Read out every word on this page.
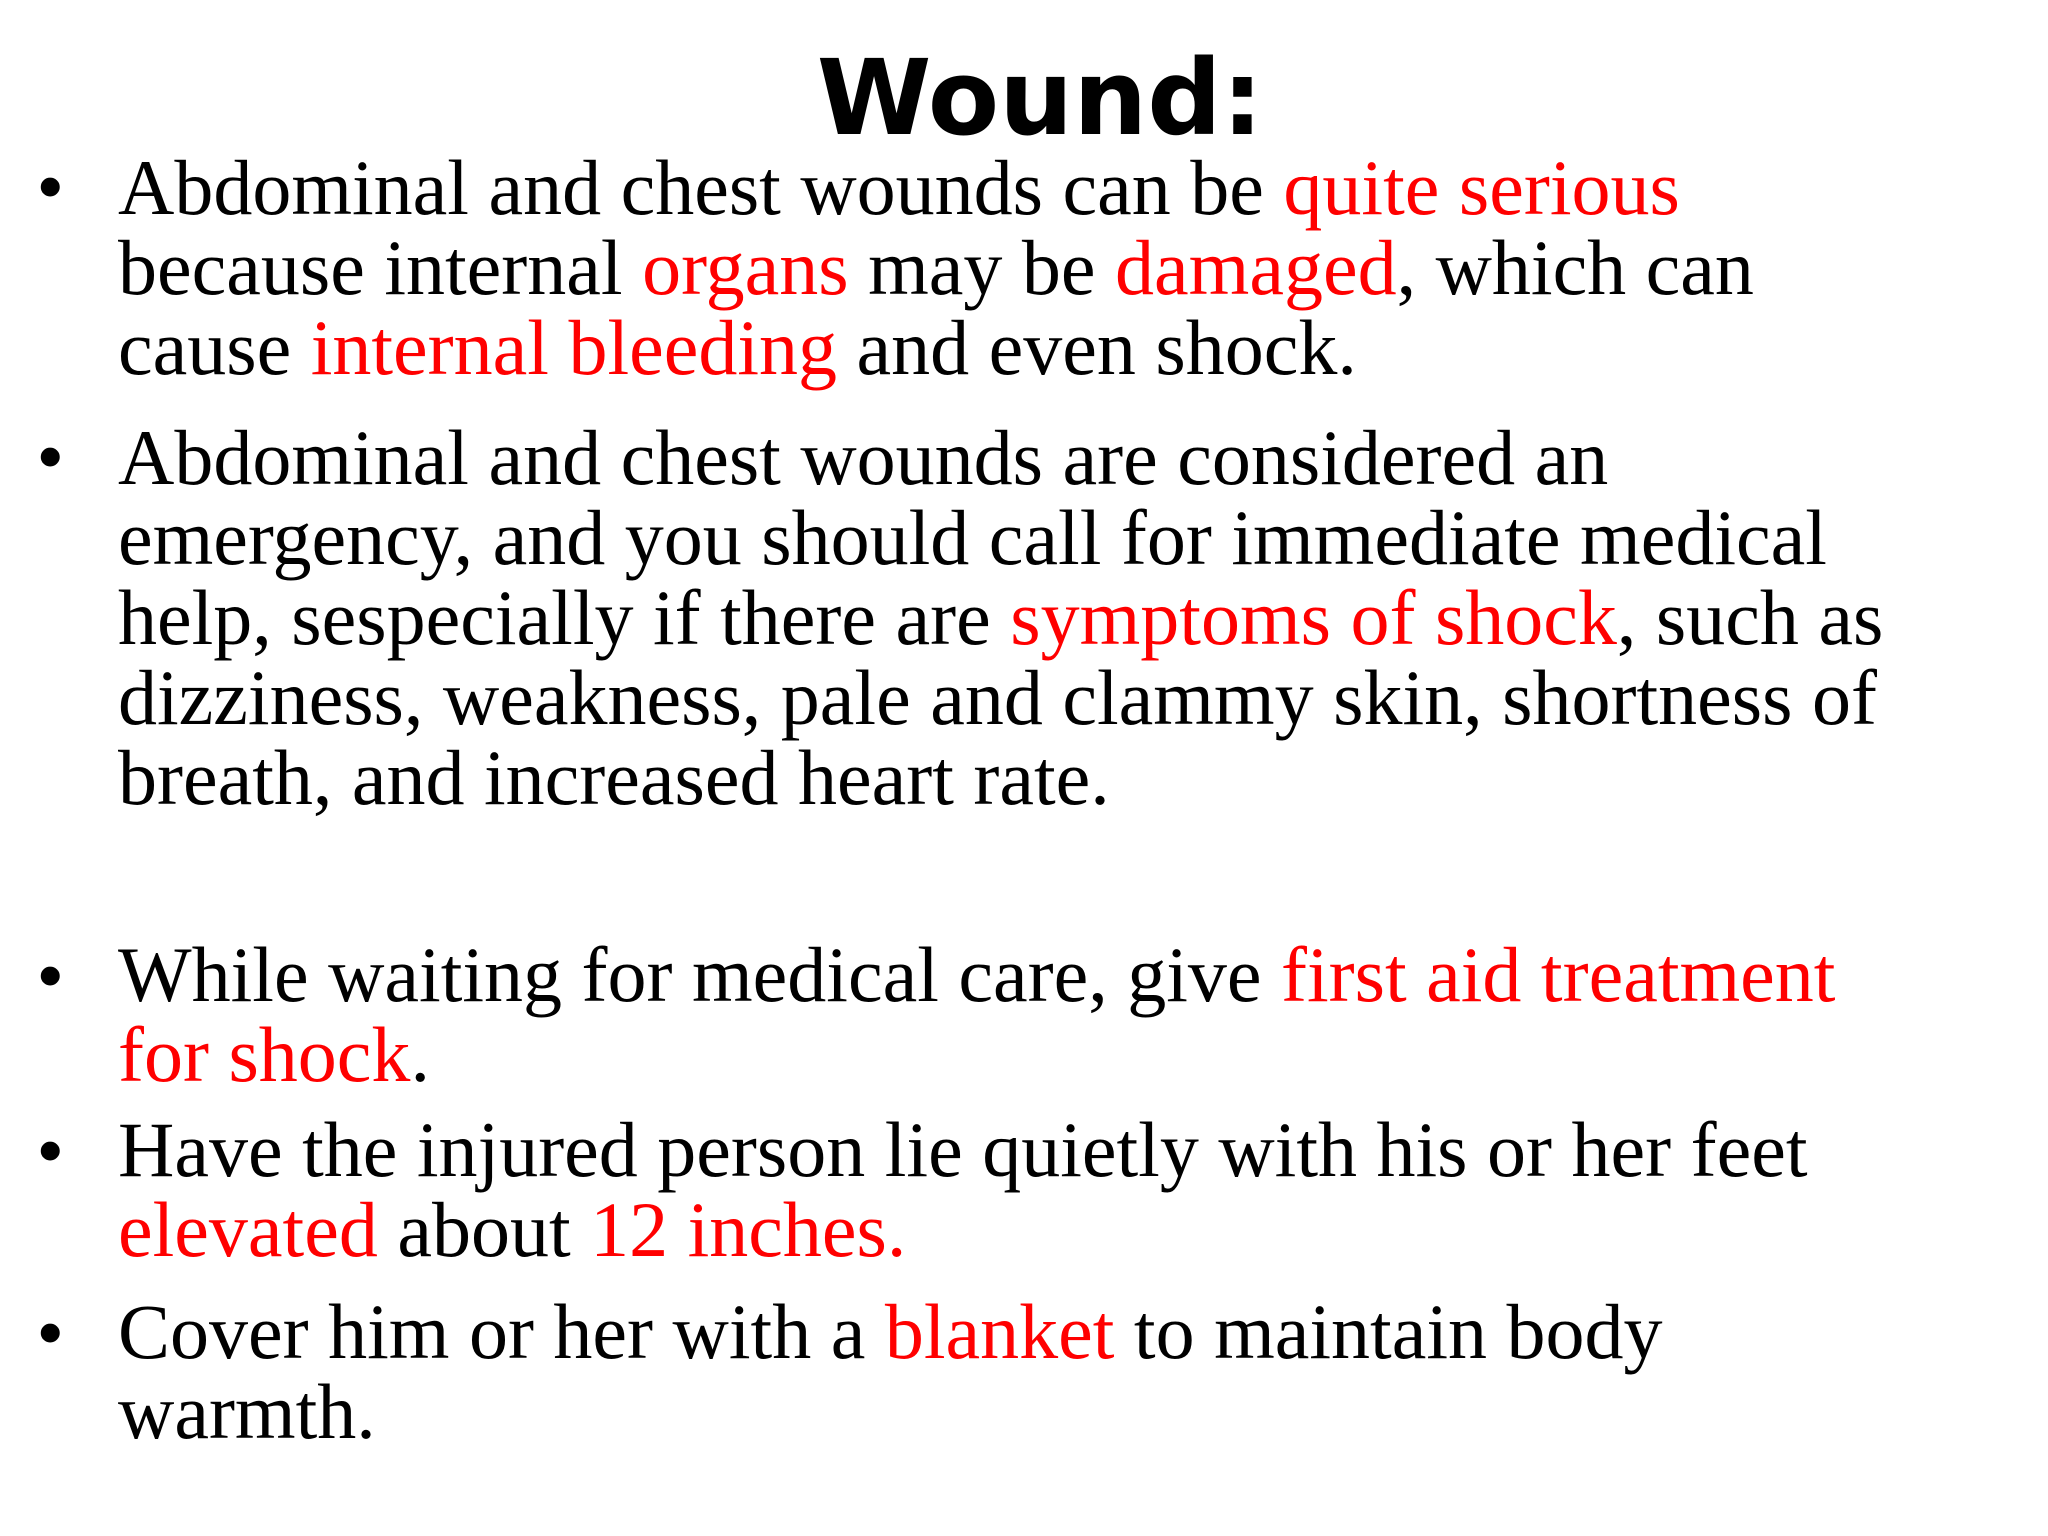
Wound:
• Abdominal and chest wounds can be quite serious
because internal organs may be damaged, which can
cause internal bleeding and even shock.
• Abdominal and chest wounds are considered an
emergency, and you should call for immediate medical
help, sespecially if there are symptoms of shock, such as
dizziness, weakness, pale and clammy skin, shortness of
breath, and increased heart rate.
• While waiting for medical care, give first aid treatment
for shock.
• Have the injured person lie quietly with his or her feet
elevated about 12 inches.
• Cover him or her with a blanket to maintain body
warmth.
